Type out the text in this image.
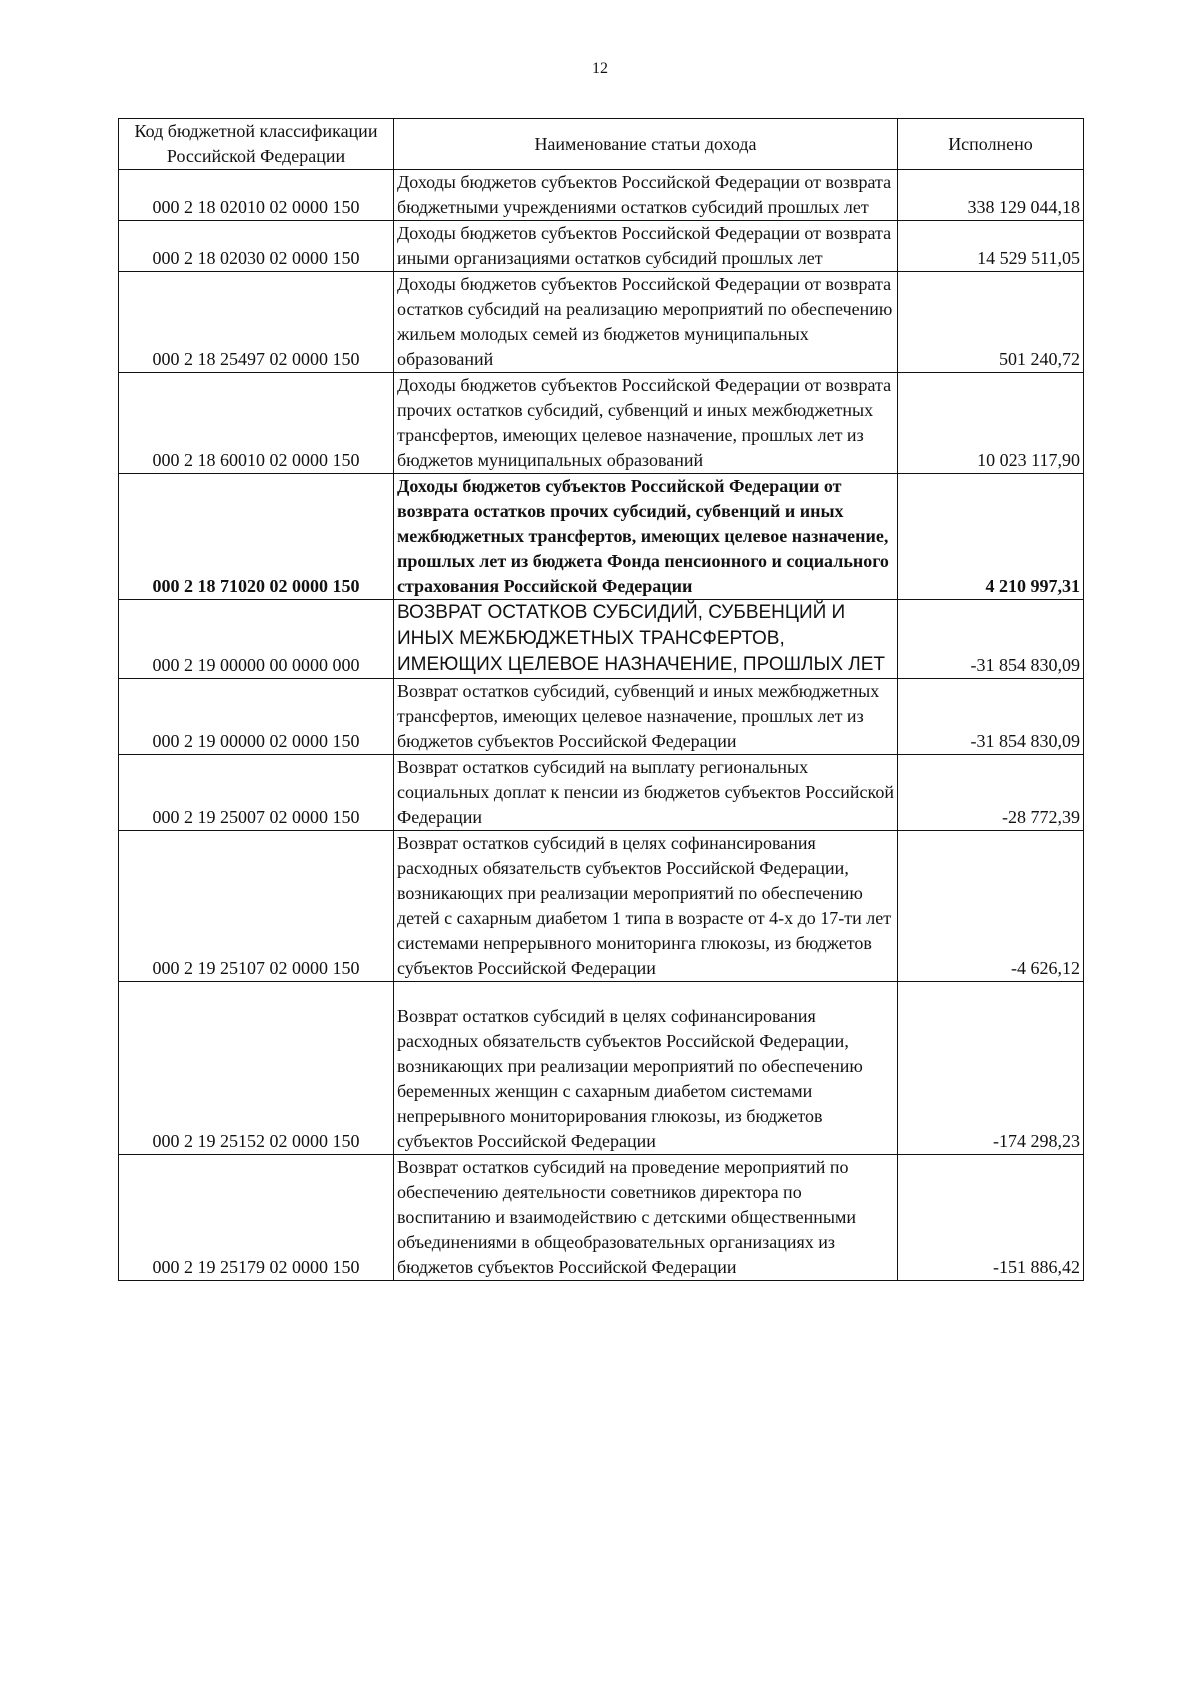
12
Код бюджетной классификации Российской Федерации	Наименование статьи дохода	Исполнено
000 2 18 02010 02 0000 150	Доходы бюджетов субъектов Российской Федерации от возврата бюджетными учреждениями остатков субсидий прошлых лет	338 129 044,18
000 2 18 02030 02 0000 150	Доходы бюджетов субъектов Российской Федерации от возврата иными организациями остатков субсидий прошлых лет	14 529 511,05
000 2 18 25497 02 0000 150	Доходы бюджетов субъектов Российской Федерации от возврата остатков субсидий на реализацию мероприятий по обеспечению жильем молодых семей из бюджетов муниципальных образований	501 240,72
000 2 18 60010 02 0000 150	Доходы бюджетов субъектов Российской Федерации от возврата прочих остатков субсидий, субвенций и иных межбюджетных трансфертов, имеющих целевое назначение, прошлых лет из бюджетов муниципальных образований	10 023 117,90
000 2 18 71020 02 0000 150	Доходы бюджетов субъектов Российской Федерации от возврата остатков прочих субсидий, субвенций и иных межбюджетных трансфертов, имеющих целевое назначение, прошлых лет из бюджета Фонда пенсионного и социального страхования Российской Федерации	4 210 997,31
000 2 19 00000 00 0000 000	ВОЗВРАТ ОСТАТКОВ СУБСИДИЙ, СУБВЕНЦИЙ И ИНЫХ МЕЖБЮДЖЕТНЫХ ТРАНСФЕРТОВ, ИМЕЮЩИХ ЦЕЛЕВОЕ НАЗНАЧЕНИЕ, ПРОШЛЫХ ЛЕТ	-31 854 830,09
000 2 19 00000 02 0000 150	Возврат остатков субсидий, субвенций и иных межбюджетных трансфертов, имеющих целевое назначение, прошлых лет из бюджетов субъектов Российской Федерации	-31 854 830,09
000 2 19 25007 02 0000 150	Возврат остатков субсидий на выплату региональных социальных доплат к пенсии из бюджетов субъектов Российской Федерации	-28 772,39
000 2 19 25107 02 0000 150	Возврат остатков субсидий в целях софинансирования расходных обязательств субъектов Российской Федерации, возникающих при реализации мероприятий по обеспечению детей с сахарным диабетом 1 типа в возрасте от 4-х до 17-ти лет системами непрерывного мониторинга глюкозы, из бюджетов субъектов Российской Федерации	-4 626,12
000 2 19 25152 02 0000 150	Возврат остатков субсидий в целях софинансирования расходных обязательств субъектов Российской Федерации, возникающих при реализации мероприятий по обеспечению беременных женщин с сахарным диабетом системами непрерывного мониторирования глюкозы, из бюджетов субъектов Российской Федерации	-174 298,23
000 2 19 25179 02 0000 150	Возврат остатков субсидий на проведение мероприятий по обеспечению деятельности советников директора по воспитанию и взаимодействию с детскими общественными объединениями в общеобразовательных организациях из бюджетов субъектов Российской Федерации	-151 886,42
